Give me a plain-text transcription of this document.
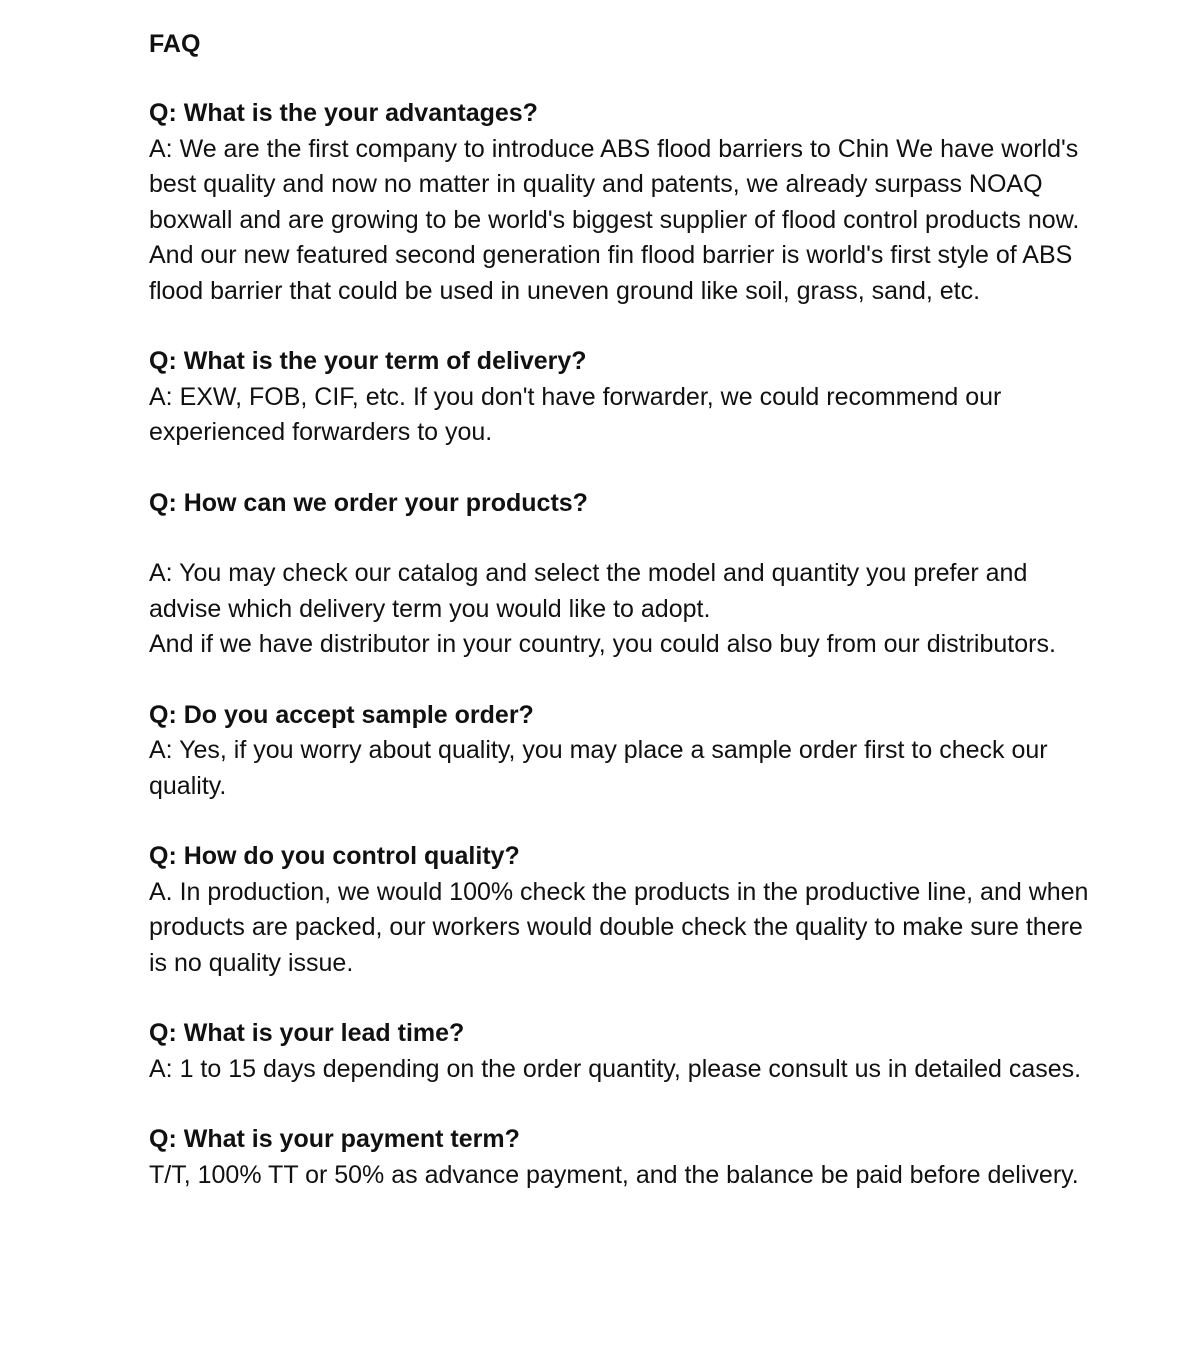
FAQ

Q: What is the your advantages?

A: We are the first company to introduce ABS flood barriers to Chin We have world's best quality and now no matter in quality and patents, we already surpass NOAQ boxwall and are growing to be world's biggest supplier of flood control products now. And our new featured second generation fin flood barrier is world's first style of ABS flood barrier that could be used in uneven ground like soil, grass, sand, etc.

Q: What is the your term of delivery?

A: EXW, FOB, CIF, etc. If you don't have forwarder, we could recommend our experienced forwarders to you.

Q: How can we order your products?

A: You may check our catalog and select the model and quantity you prefer and advise which delivery term you would like to adopt.

And if we have distributor in your country, you could also buy from our distributors.

Q: Do you accept sample order?

A: Yes, if you worry about quality, you may place a sample order first to check our quality.

Q: How do you control quality?

A. In production, we would 100% check the products in the productive line, and when products are packed, our workers would double check the quality to make sure there is no quality issue.

Q: What is your lead time?

A: 1 to 15 days depending on the order quantity, please consult us in detailed cases.

Q: What is your payment term?

T/T, 100% TT or 50% as advance payment, and the balance be paid before delivery.
